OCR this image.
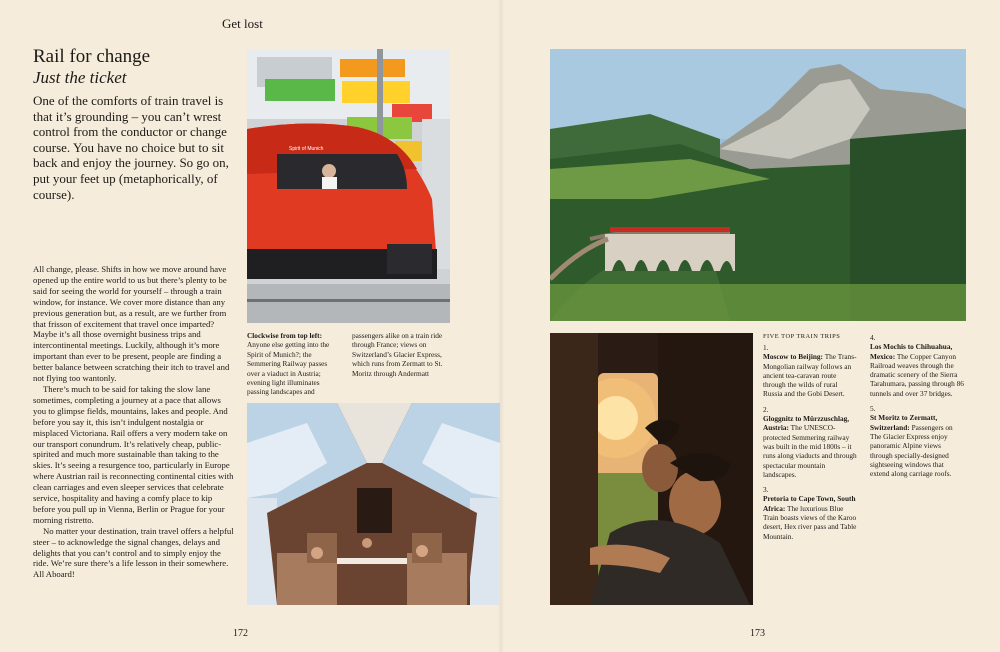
Get lost
Rail for change
Just the ticket

One of the comforts of train travel is that it’s grounding – you can’t wrest control from the conductor or change course. You have no choice but to sit back and enjoy the journey. So go on, put your feet up (metaphorically, of course).

All change, please. Shifts in how we move around have opened up the entire world to us but there’s plenty to be said for seeing the world for yourself – through a train window, for instance. We cover more distance than any previous generation but, as a result, are we further from that frisson of excitement that travel once imparted? Maybe it’s all those overnight business trips and intercontinental meetings. Luckily, although it’s more important than ever to be present, people are finding a better balance between scratching their itch to travel and not flying too wantonly.

There’s much to be said for taking the slow lane sometimes, completing a journey at a pace that allows you to glimpse fields, mountains, lakes and people. And before you say it, this isn’t indulgent nostalgia or misplaced Victoriana. Rail offers a very modern take on our transport conundrum. It’s relatively cheap, public-spirited and much more sustainable than taking to the skies. It’s seeing a resurgence too, particularly in Europe where Austrian rail is reconnecting continental cities with clean carriages and even sleeper services that celebrate service, hospitality and having a comfy place to kip before you pull up in Vienna, Berlin or Prague for your morning ristretto.

No matter your destination, train travel offers a helpful steer – to acknowledge the signal changes, delays and delights that you can’t control and to simply enjoy the ride. We’re sure there’s a life lesson in their somewhere. All Aboard!

Spirit of Munich

Clockwise from top left:
Anyone else getting into the Spirit of Munich?; the Semmering Railway passes over a viaduct in Austria; evening light illuminates passing landscapes and

passengers alike on a train ride through France; views on Switzerland’s Glacier Express, which runs from Zermatt to St. Moritz through Andermatt

172
FIVE TOP TRAIN TRIPS
1.
Moscow to Beijing: The Trans-Mongolian railway follows an ancient tea-caravan route through the wilds of rural Russia and the Gobi Desert.
2.
Gloggnitz to Mürzzuschlag, Austria: The UNESCO-protected Semmering railway was built in the mid 1800s – it runs along viaducts and through spectacular mountain landscapes.
3.
Pretoria to Cape Town, South Africa: The luxurious Blue Train boasts views of the Karoo desert, Hex river pass and Table Mountain.
4.
Los Mochis to Chihuahua, Mexico: The Copper Canyon Railroad weaves through the dramatic scenery of the Sierra Tarahumara, passing through 86 tunnels and over 37 bridges.
5.
St Moritz to Zermatt, Switzerland: Passengers on The Glacier Express enjoy panoramic Alpine views through specially-designed sightseeing windows that extend along carriage roofs.
173
